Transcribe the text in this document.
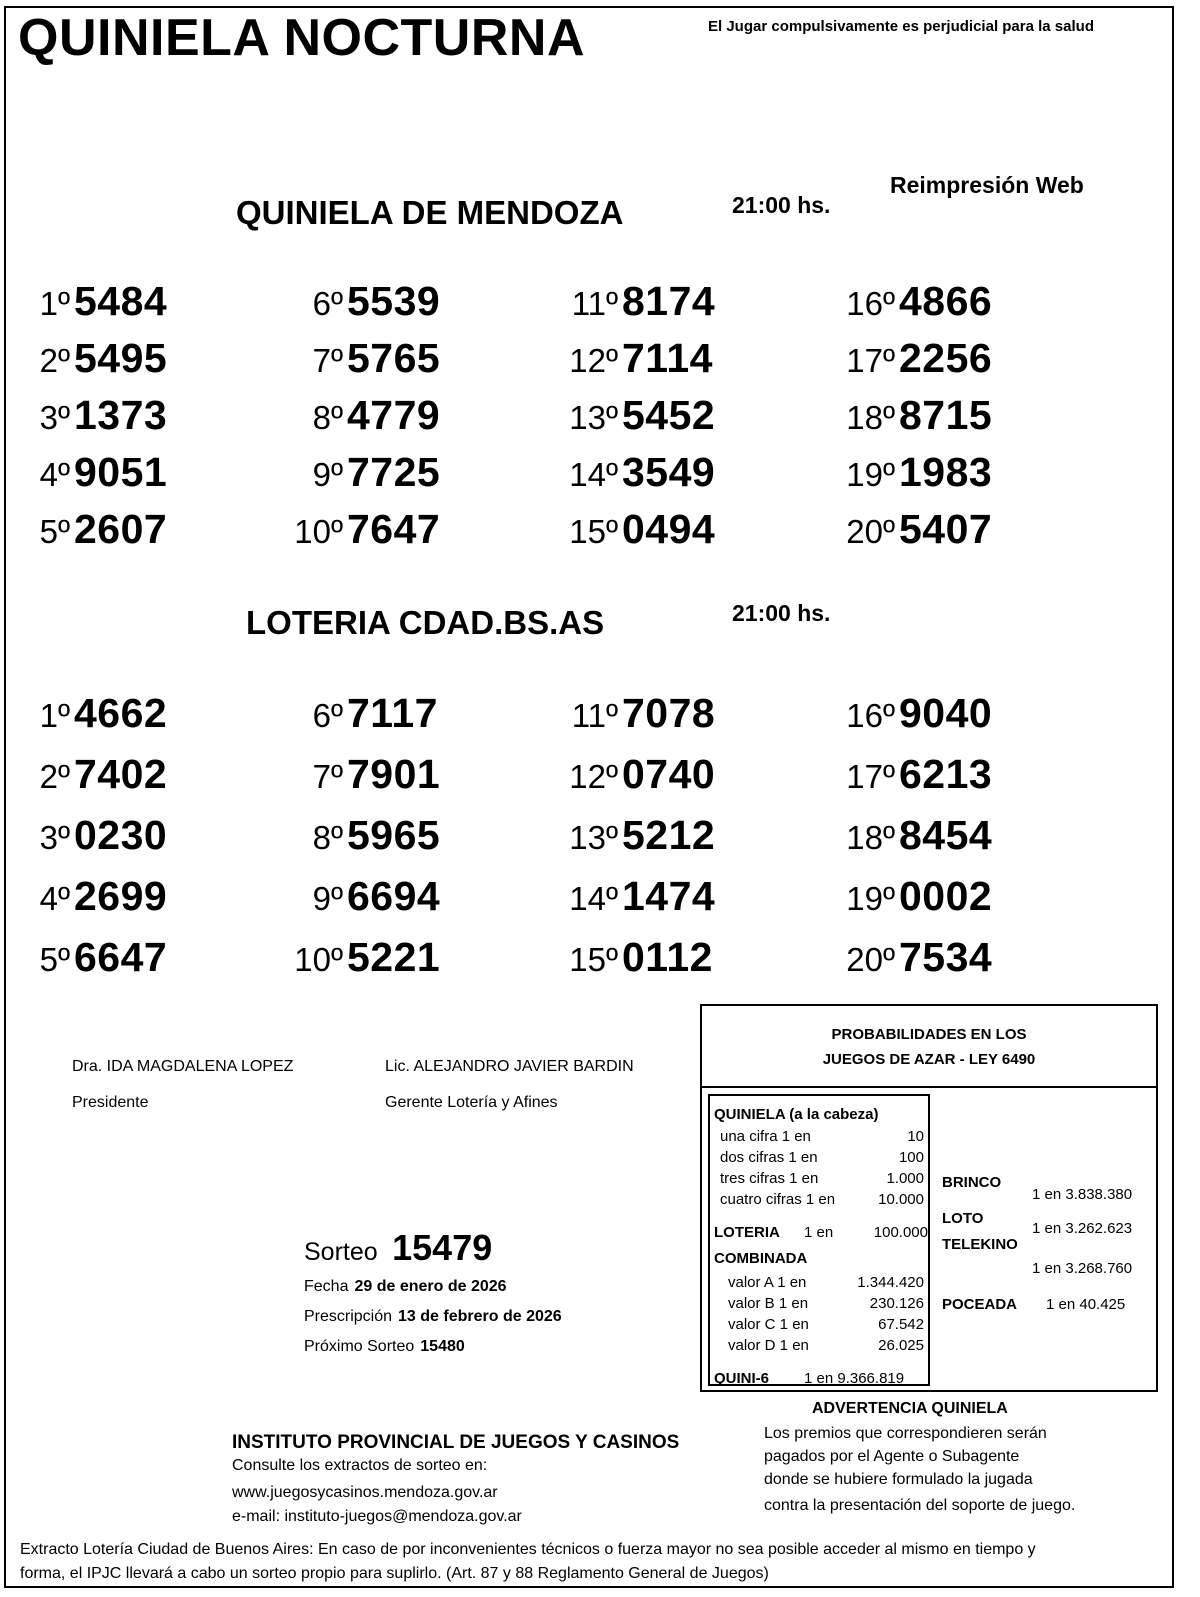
QUINIELA NOCTURNA	El Jugar compulsivamente es perjudicial para la salud
Reimpresión Web
QUINIELA DE MENDOZA	21:00 hs.
1º5484
2º5495
3º1373
4º9051
5º2607
6º5539
7º5765
8º4779
9º7725
10º7647
11º8174
12º7114
13º5452
14º3549
15º0494
16º4866
17º2256
18º8715
19º1983
20º5407
LOTERIA CDAD.BS.AS	21:00 hs.
1º4662
2º7402
3º0230
4º2699
5º6647
6º7117
7º7901
8º5965
9º6694
10º5221
11º7078
12º0740
13º5212
14º1474
15º0112
16º9040
17º6213
18º8454
19º0002
20º7534
Dra. IDA MAGDALENA LOPEZ
Presidente
Lic. ALEJANDRO JAVIER BARDIN
Gerente Lotería y Afines
Sorteo 15479
Fecha 29 de enero de 2026
Prescripción 13 de febrero de 2026
Próximo Sorteo 15480
PROBABILIDADES EN LOS
JUEGOS DE AZAR - LEY 6490
QUINIELA (a la cabeza)
una cifra 1 en	10
dos cifras 1 en	100
tres cifras 1 en	1.000
cuatro cifras 1 en	10.000
LOTERIA 1 en	100.000
COMBINADA
valor A 1 en	1.344.420
valor B 1 en	230.126
valor C 1 en	67.542
valor D 1 en	26.025
QUINI-6 1 en 9.366.819
BRINCO
1 en 3.838.380
LOTO
1 en 3.262.623
TELEKINO
1 en 3.268.760
POCEADA 1 en 40.425
INSTITUTO PROVINCIAL DE JUEGOS Y CASINOS
Consulte los extractos de sorteo en:
www.juegosycasinos.mendoza.gov.ar
e-mail: instituto-juegos@mendoza.gov.ar
ADVERTENCIA QUINIELA
Los premios que correspondieren serán
pagados por el Agente o Subagente
donde se hubiere formulado la jugada
contra la presentación del soporte de juego.
Extracto Lotería Ciudad de Buenos Aires: En caso de por inconvenientes técnicos o fuerza mayor no sea posible acceder al mismo en tiempo y
forma, el IPJC llevará a cabo un sorteo propio para suplirlo. (Art. 87 y 88 Reglamento General de Juegos)
